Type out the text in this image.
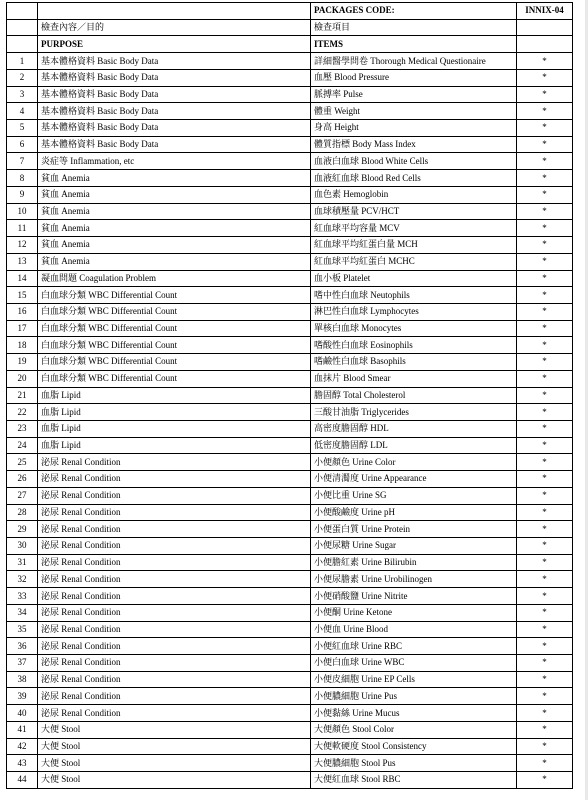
		PACKAGES CODE:	INNIX-04
	檢查內容／目的	檢查項目	
	PURPOSE	ITEMS	
1	基本體格資料 Basic Body Data	詳細醫學問卷 Thorough Medical Questionaire	*
2	基本體格資料 Basic Body Data	血壓 Blood Pressure	*
3	基本體格資料 Basic Body Data	脈搏率 Pulse	*
4	基本體格資料 Basic Body Data	體重 Weight	*
5	基本體格資料 Basic Body Data	身高 Height	*
6	基本體格資料 Basic Body Data	體質指標 Body Mass Index	*
7	炎症等 Inflammation, etc	血液白血球 Blood White Cells	*
8	貧血 Anemia	血液紅血球 Blood Red Cells	*
9	貧血 Anemia	血色素 Hemoglobin	*
10	貧血 Anemia	血球積壓量 PCV/HCT	*
11	貧血 Anemia	紅血球平均容量 MCV	*
12	貧血 Anemia	紅血球平均紅蛋白量 MCH	*
13	貧血 Anemia	紅血球平均紅蛋白 MCHC	*
14	凝血問題 Coagulation Problem	血小板 Platelet	*
15	白血球分類 WBC Differential Count	嗜中性白血球 Neutophils	*
16	白血球分類 WBC Differential Count	淋巴性白血球 Lymphocytes	*
17	白血球分類 WBC Differential Count	單核白血球 Monocytes	*
18	白血球分類 WBC Differential Count	嗜酸性白血球 Eosinophils	*
19	白血球分類 WBC Differential Count	嗜鹼性白血球 Basophils	*
20	白血球分類 WBC Differential Count	血抹片 Blood Smear	*
21	血脂 Lipid	膽固醇 Total Cholesterol	*
22	血脂 Lipid	三酸甘油脂 Triglycerides	*
23	血脂 Lipid	高密度膽固醇 HDL	*
24	血脂 Lipid	低密度膽固醇 LDL	*
25	泌尿 Renal Condition	小便顏色 Urine Color	*
26	泌尿 Renal Condition	小便清濁度 Urine Appearance	*
27	泌尿 Renal Condition	小便比重 Urine SG	*
28	泌尿 Renal Condition	小便酸鹼度 Urine pH	*
29	泌尿 Renal Condition	小便蛋白質 Urine Protein	*
30	泌尿 Renal Condition	小便尿糖 Urine Sugar	*
31	泌尿 Renal Condition	小便膽紅素 Urine Bilirubin	*
32	泌尿 Renal Condition	小便尿膽素 Urine Urobilinogen	*
33	泌尿 Renal Condition	小便硝酸鹽 Urine Nitrite	*
34	泌尿 Renal Condition	小便酮 Urine Ketone	*
35	泌尿 Renal Condition	小便血 Urine Blood	*
36	泌尿 Renal Condition	小便紅血球 Urine RBC	*
37	泌尿 Renal Condition	小便白血球 Urine WBC	*
38	泌尿 Renal Condition	小便皮細胞 Urine EP Cells	*
39	泌尿 Renal Condition	小便膿細胞 Urine Pus	*
40	泌尿 Renal Condition	小便黏絲 Urine Mucus	*
41	大便 Stool	大便顏色 Stool Color	*
42	大便 Stool	大便軟硬度 Stool Consistency	*
43	大便 Stool	大便膿細胞 Stool Pus	*
44	大便 Stool	大便紅血球 Stool RBC	*
